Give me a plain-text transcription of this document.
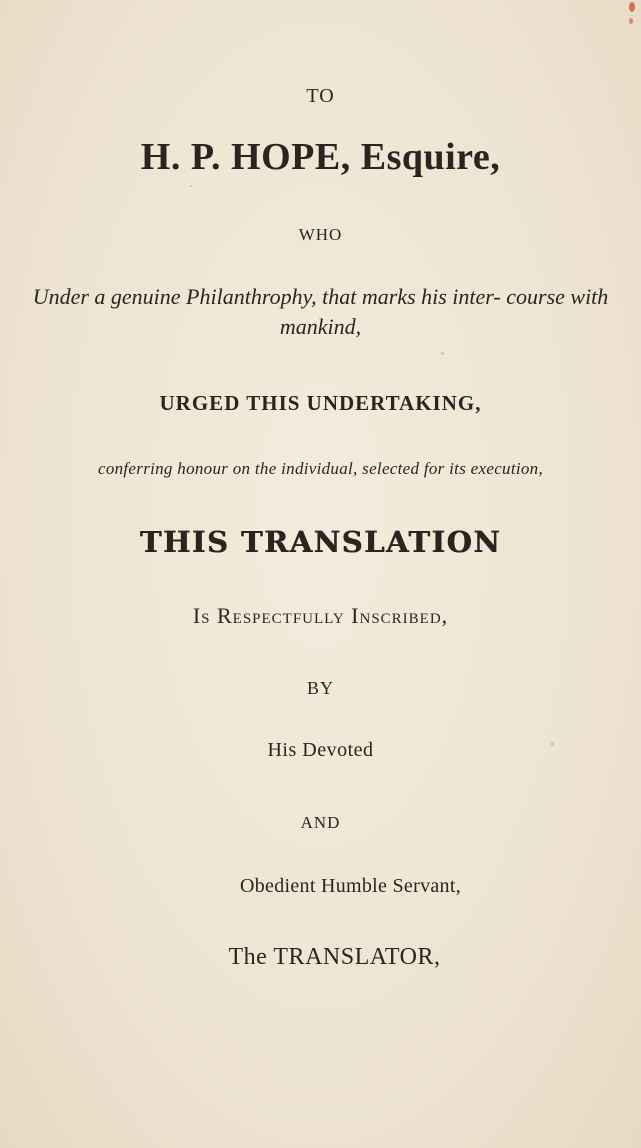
TO
H. P. HOPE, Esquire,
WHO
Under a genuine Philanthrophy, that marks his inter- course with mankind,
URGED THIS UNDERTAKING,
conferring honour on the individual, selected for its execution,
THIS TRANSLATION
Is Respectfully Inscribed,
BY
His Devoted
AND
Obedient Humble Servant,
The TRANSLATOR,
